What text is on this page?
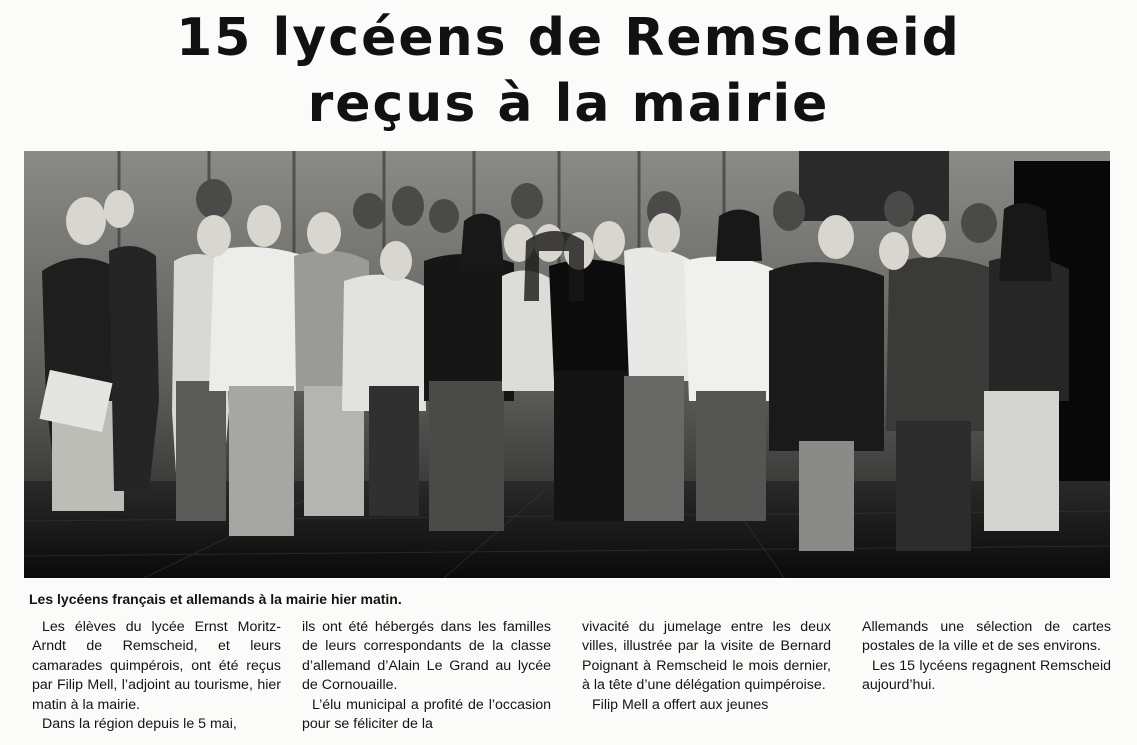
15 lycéens de Remscheid
reçus à la mairie
Les lycéens français et allemands à la mairie hier matin.

Les élèves du lycée Ernst Moritz-Arndt de Remscheid, et leurs camarades quimpérois, ont été reçus par Filip Mell, l’adjoint au tourisme, hier matin à la mairie.

Dans la région depuis le 5 mai,

ils ont été hébergés dans les familles de leurs correspondants de la classe d’allemand d’Alain Le Grand au lycée de Cornouaille.

L’élu municipal a profité de l’occasion pour se féliciter de la

vivacité du jumelage entre les deux villes, illustrée par la visite de Bernard Poignant à Remscheid le mois dernier, à la tête d’une délégation quimpéroise.

Filip Mell a offert aux jeunes

Allemands une sélection de cartes postales de la ville et de ses environs.

Les 15 lycéens regagnent Remscheid aujourd’hui.
